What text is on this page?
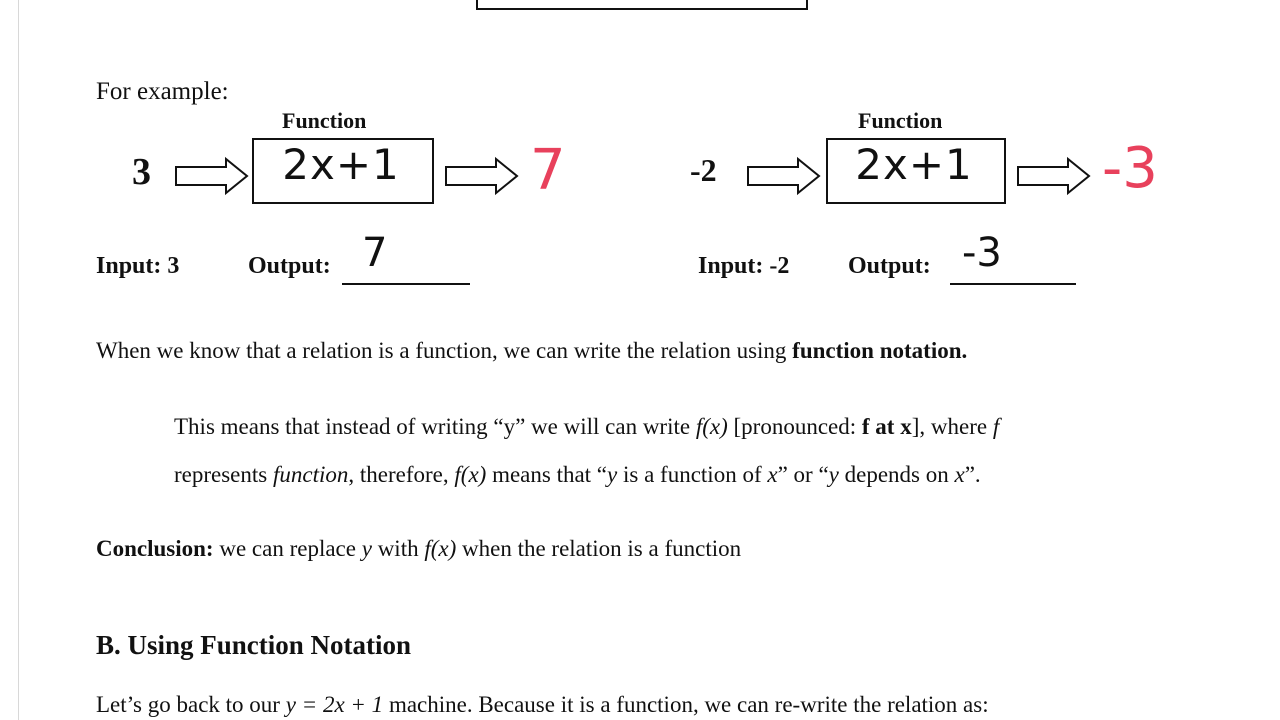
For example:
Function
3	2x+1	7
Input: 3	Output: 7
Function
-2	2x+1	-3
Input: -2 Output: -3
When we know that a relation is a function, we can write the relation using function notation.
This means that instead of writing “y” we will can write f(x) [pronounced: f at x], where f
represents function, therefore, f(x) means that “y is a function of x” or “y depends on x”.
Conclusion: we can replace y with f(x) when the relation is a function
B. Using Function Notation
Let’s go back to our y = 2x + 1 machine. Because it is a function, we can re-write the relation as:
